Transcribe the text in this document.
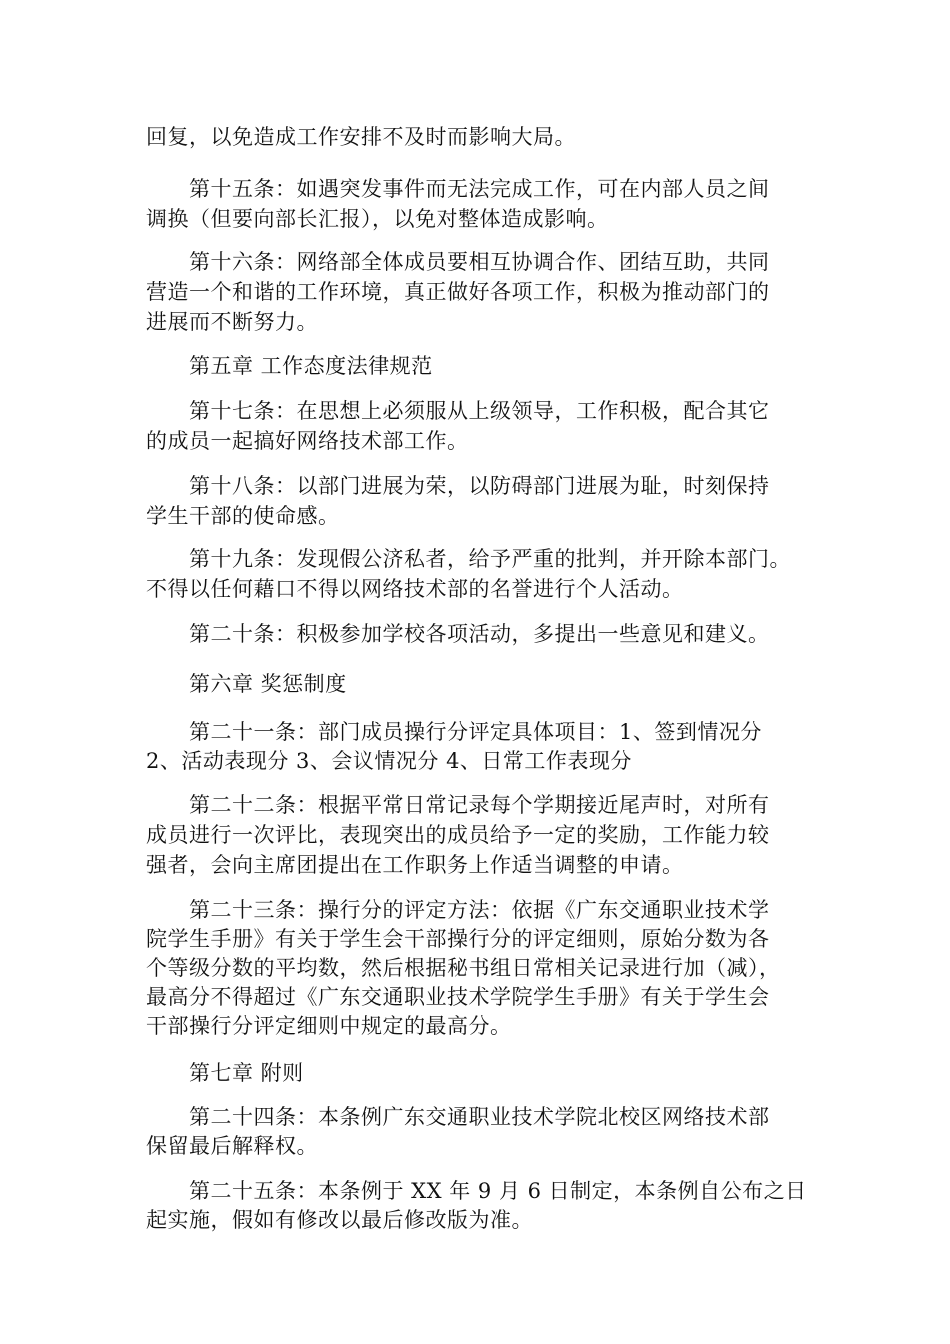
回复，以免造成工作安排不及时而影响大局。
第十五条：如遇突发事件而无法完成工作，可在内部人员之间
调换（但要向部长汇报），以免对整体造成影响。
第十六条：网络部全体成员要相互协调合作、团结互助，共同
营造一个和谐的工作环境，真正做好各项工作，积极为推动部门的
进展而不断努力。
第五章 工作态度法律规范
第十七条：在思想上必须服从上级领导，工作积极，配合其它
的成员一起搞好网络技术部工作。
第十八条：以部门进展为荣，以防碍部门进展为耻，时刻保持
学生干部的使命感。
第十九条：发现假公济私者，给予严重的批判，并开除本部门。
不得以任何藉口不得以网络技术部的名誉进行个人活动。
第二十条：积极参加学校各项活动，多提出一些意见和建义。
第六章 奖惩制度
第二十一条：部门成员操行分评定具体项目：1、签到情况分
2、活动表现分 3、会议情况分 4、日常工作表现分
第二十二条：根据平常日常记录每个学期接近尾声时，对所有
成员进行一次评比，表现突出的成员给予一定的奖励，工作能力较
强者，会向主席团提出在工作职务上作适当调整的申请。
第二十三条：操行分的评定方法：依据《广东交通职业技术学
院学生手册》有关于学生会干部操行分的评定细则，原始分数为各
个等级分数的平均数，然后根据秘书组日常相关记录进行加（减），
最高分不得超过《广东交通职业技术学院学生手册》有关于学生会
干部操行分评定细则中规定的最高分。
第七章 附则
第二十四条：本条例广东交通职业技术学院北校区网络技术部
保留最后解释权。
第二十五条：本条例于 XX 年 9 月 6 日制定，本条例自公布之日
起实施，假如有修改以最后修改版为准。
